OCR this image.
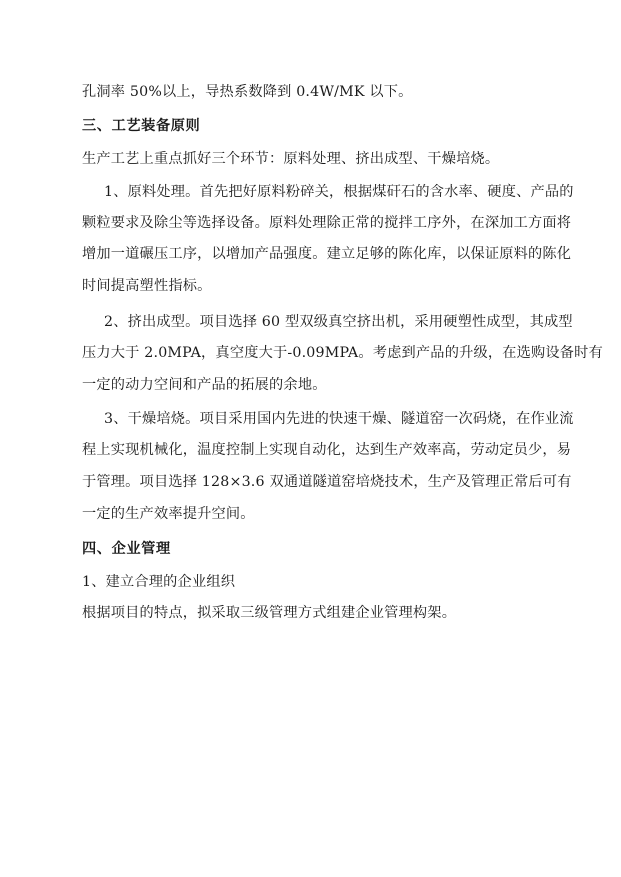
孔洞率 50%以上，导热系数降到 0.4W/MK 以下。
三、工艺装备原则
生产工艺上重点抓好三个环节：原料处理、挤出成型、干燥培烧。
1、原料处理。首先把好原料粉碎关，根据煤矸石的含水率、硬度、产品的
颗粒要求及除尘等选择设备。原料处理除正常的搅拌工序外，在深加工方面将
增加一道碾压工序，以增加产品强度。建立足够的陈化库，以保证原料的陈化
时间提高塑性指标。
2、挤出成型。项目选择 60 型双级真空挤出机，采用硬塑性成型，其成型
压力大于 2.0MPA，真空度大于-0.09MPA。考虑到产品的升级，在选购设备时有
一定的动力空间和产品的拓展的余地。
3、干燥培烧。项目采用国内先进的快速干燥、隧道窑一次码烧，在作业流
程上实现机械化，温度控制上实现自动化，达到生产效率高，劳动定员少，易
于管理。项目选择 128×3.6 双通道隧道窑培烧技术，生产及管理正常后可有
一定的生产效率提升空间。
四、企业管理
1、建立合理的企业组织
根据项目的特点，拟采取三级管理方式组建企业管理构架。
